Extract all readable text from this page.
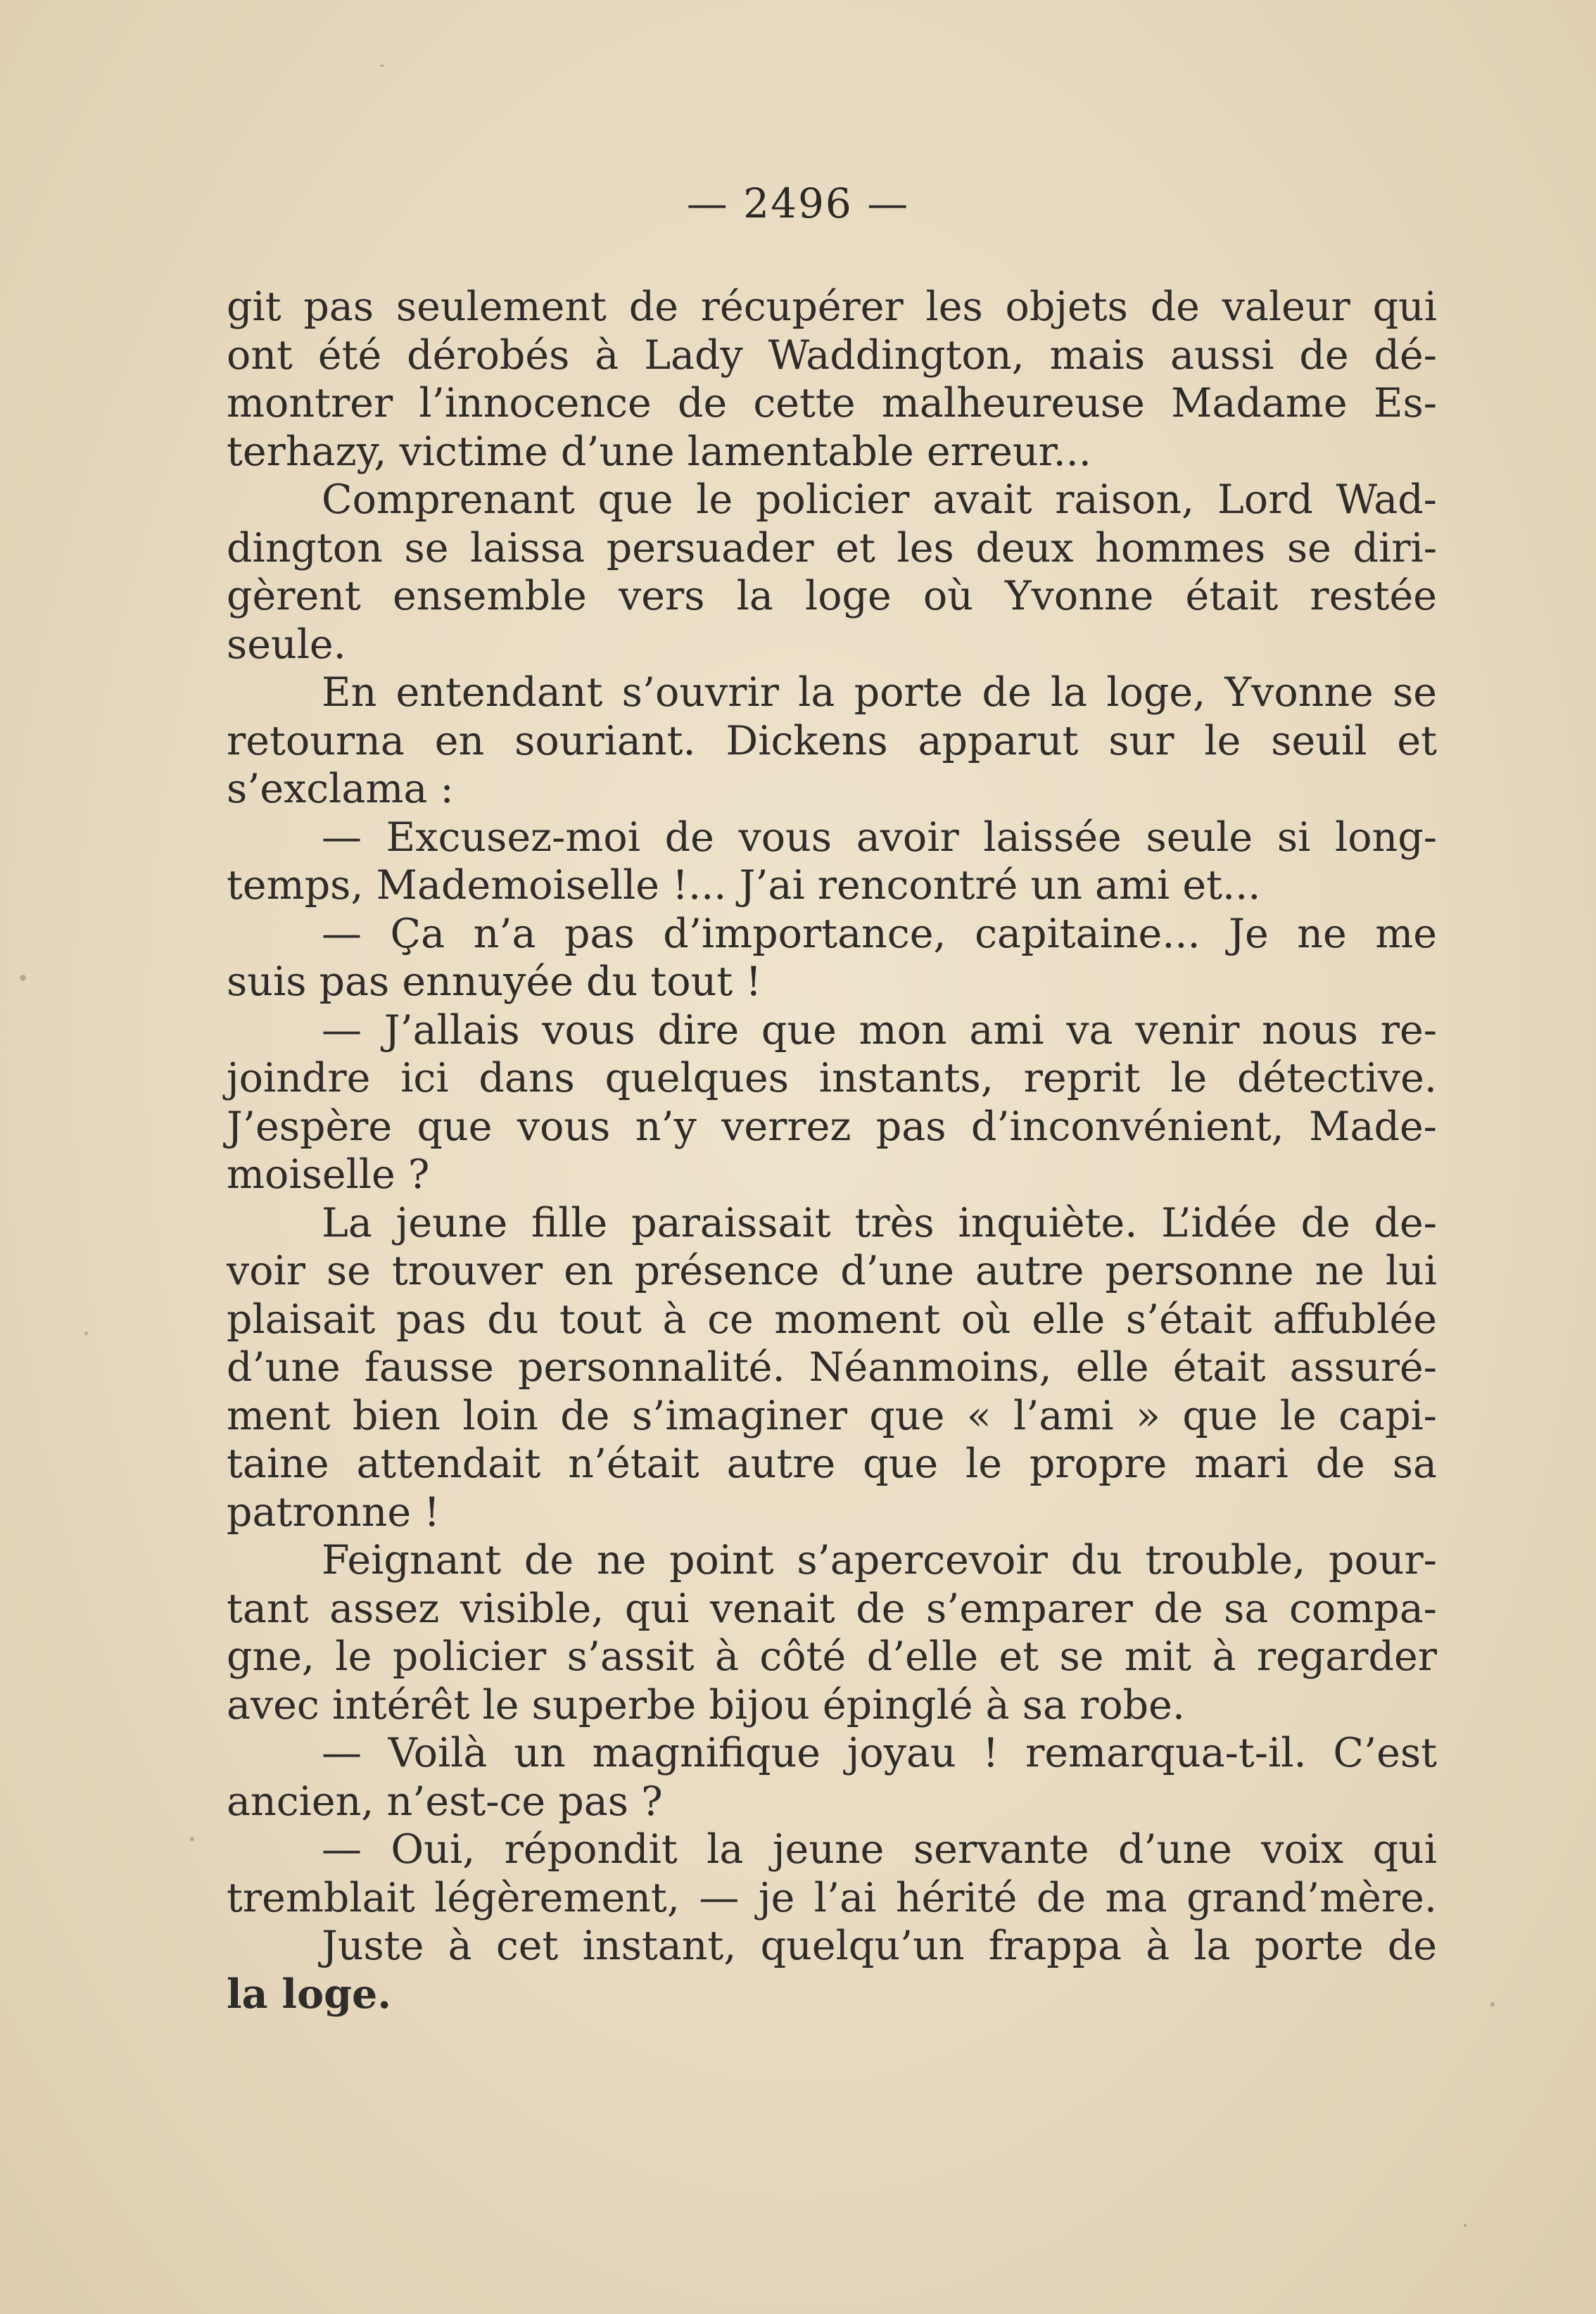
— 2496 —
git pas seulement de récupérer les objets de valeur qui
ont été dérobés à Lady Waddington, mais aussi de dé-
montrer l’innocence de cette malheureuse Madame Es-
terhazy, victime d’une lamentable erreur...
Comprenant que le policier avait raison, Lord Wad-
dington se laissa persuader et les deux hommes se diri-
gèrent ensemble vers la loge où Yvonne était restée
seule.
En entendant s’ouvrir la porte de la loge, Yvonne se
retourna en souriant. Dickens apparut sur le seuil et
s’exclama :
— Excusez-moi de vous avoir laissée seule si long-
temps, Mademoiselle !... J’ai rencontré un ami et...
— Ça n’a pas d’importance, capitaine... Je ne me
suis pas ennuyée du tout !
— J’allais vous dire que mon ami va venir nous re-
joindre ici dans quelques instants, reprit le détective.
J’espère que vous n’y verrez pas d’inconvénient, Made-
moiselle ?
La jeune fille paraissait très inquiète. L’idée de de-
voir se trouver en présence d’une autre personne ne lui
plaisait pas du tout à ce moment où elle s’était affublée
d’une fausse personnalité. Néanmoins, elle était assuré-
ment bien loin de s’imaginer que « l’ami » que le capi-
taine attendait n’était autre que le propre mari de sa
patronne !
Feignant de ne point s’apercevoir du trouble, pour-
tant assez visible, qui venait de s’emparer de sa compa-
gne, le policier s’assit à côté d’elle et se mit à regarder
avec intérêt le superbe bijou épinglé à sa robe.
— Voilà un magnifique joyau ! remarqua-t-il. C’est
ancien, n’est-ce pas ?
— Oui, répondit la jeune servante d’une voix qui
tremblait légèrement, — je l’ai hérité de ma grand’mère.
Juste à cet instant, quelqu’un frappa à la porte de
la loge.
